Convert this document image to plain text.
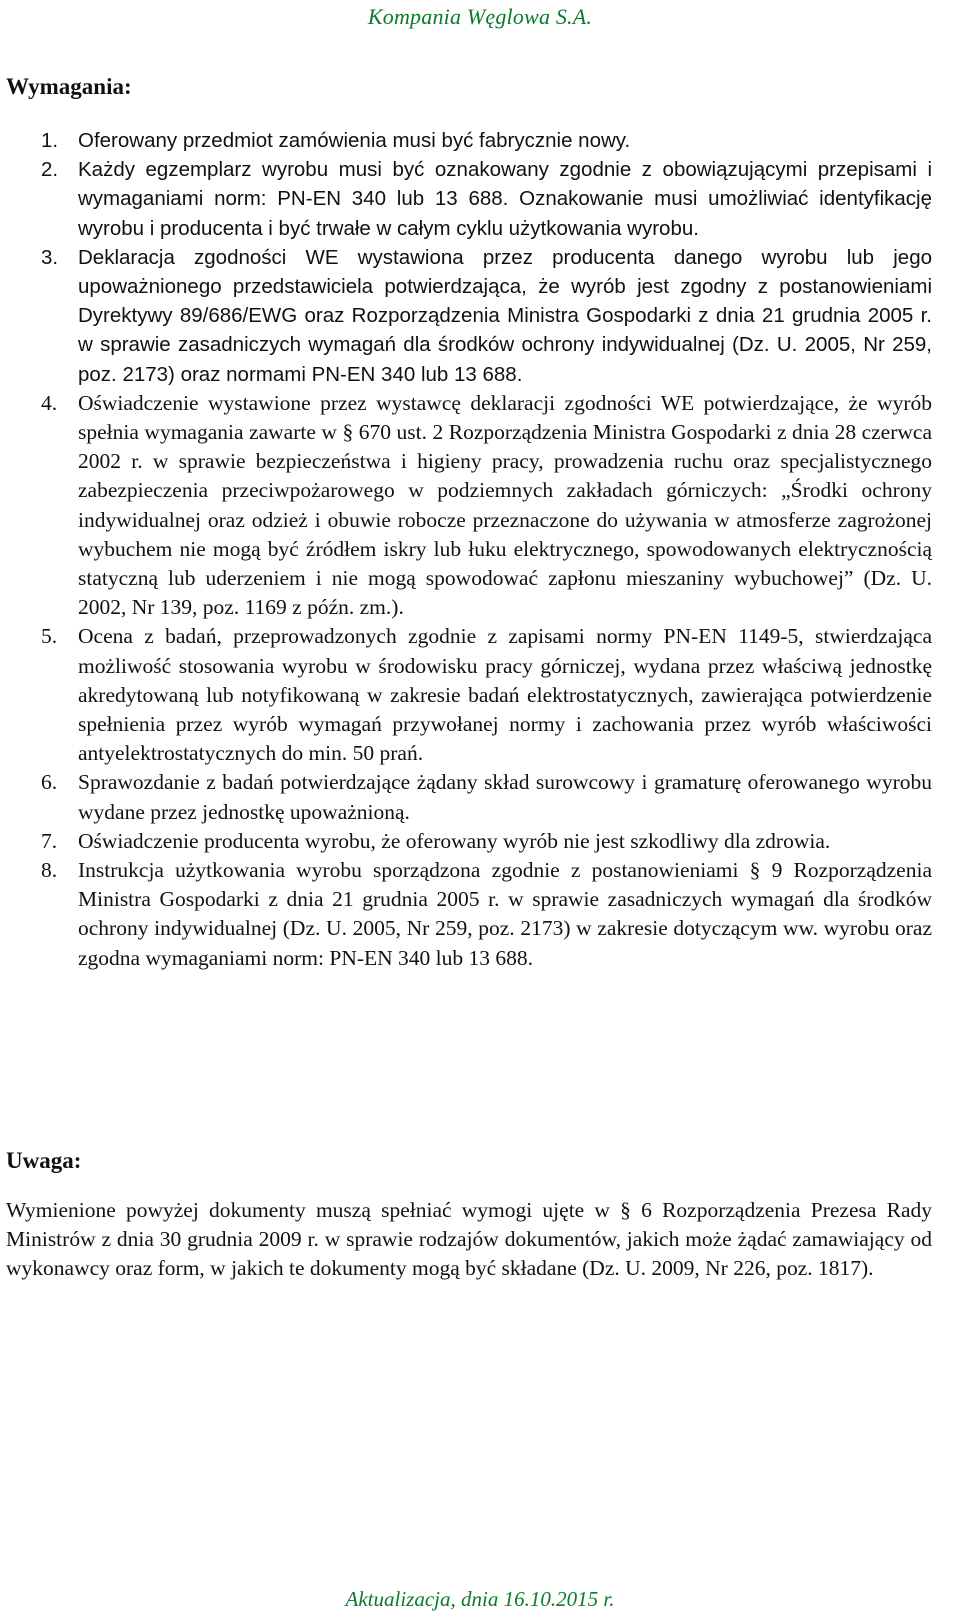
Kompania Węglowa S.A.
Wymagania:
1. Oferowany przedmiot zamówienia musi być fabrycznie nowy.
2. Każdy egzemplarz wyrobu musi być oznakowany zgodnie z obowiązującymi przepisami i wymaganiami norm: PN-EN 340 lub 13 688. Oznakowanie musi umożliwiać identyfikację wyrobu i producenta i być trwałe w całym cyklu użytkowania wyrobu.
3. Deklaracja zgodności WE wystawiona przez producenta danego wyrobu lub jego upoważnionego przedstawiciela potwierdzająca, że wyrób jest zgodny z postanowieniami Dyrektywy 89/686/EWG oraz Rozporządzenia Ministra Gospodarki z dnia 21 grudnia 2005 r. w sprawie zasadniczych wymagań dla środków ochrony indywidualnej (Dz. U. 2005, Nr 259, poz. 2173) oraz normami PN-EN 340 lub 13 688.
4. Oświadczenie wystawione przez wystawcę deklaracji zgodności WE potwierdzające, że wyrób spełnia wymagania zawarte w § 670 ust. 2 Rozporządzenia Ministra Gospodarki z dnia 28 czerwca 2002 r. w sprawie bezpieczeństwa i higieny pracy, prowadzenia ruchu oraz specjalistycznego zabezpieczenia przeciwpożarowego w podziemnych zakładach górniczych: „Środki ochrony indywidualnej oraz odzież i obuwie robocze przeznaczone do używania w atmosferze zagrożonej wybuchem nie mogą być źródłem iskry lub łuku elektrycznego, spowodowanych elektrycznością statyczną lub uderzeniem i nie mogą spowodować zapłonu mieszaniny wybuchowej” (Dz. U. 2002, Nr 139, poz. 1169 z późn. zm.).
5. Ocena z badań, przeprowadzonych zgodnie z zapisami normy PN-EN 1149-5, stwierdzająca możliwość stosowania wyrobu w środowisku pracy górniczej, wydana przez właściwą jednostkę akredytowaną lub notyfikowaną w zakresie badań elektrostatycznych, zawierająca potwierdzenie spełnienia przez wyrób wymagań przywołanej normy i zachowania przez wyrób właściwości antyelektrostatycznych do min. 50 prań.
6. Sprawozdanie z badań potwierdzające żądany skład surowcowy i gramaturę oferowanego wyrobu wydane przez jednostkę upoważnioną.
7. Oświadczenie producenta wyrobu, że oferowany wyrób nie jest szkodliwy dla zdrowia.
8. Instrukcja użytkowania wyrobu sporządzona zgodnie z postanowieniami § 9 Rozporządzenia Ministra Gospodarki z dnia 21 grudnia 2005 r. w sprawie zasadniczych wymagań dla środków ochrony indywidualnej (Dz. U. 2005, Nr 259, poz. 2173) w zakresie dotyczącym ww. wyrobu oraz zgodna wymaganiami norm: PN-EN 340 lub 13 688.
Uwaga:

Wymienione powyżej dokumenty muszą spełniać wymogi ujęte w § 6 Rozporządzenia Prezesa Rady Ministrów z dnia 30 grudnia 2009 r. w sprawie rodzajów dokumentów, jakich może żądać zamawiający od wykonawcy oraz form, w jakich te dokumenty mogą być składane (Dz. U. 2009, Nr 226, poz. 1817).

Aktualizacja, dnia 16.10.2015 r.
